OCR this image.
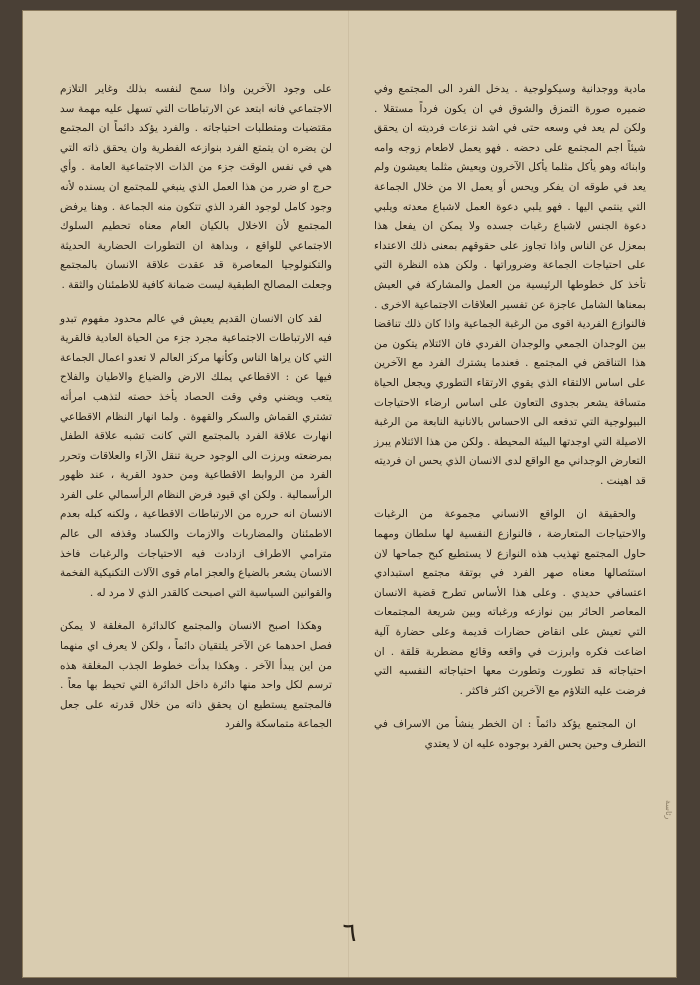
مادية ووجدانية وسيكولوجية . يدخل الفرد الى المجتمع وفي ضميره صورة التمزق والشوق في ان يكون فرداً مستقلا . ولكن لم يعد في وسعه حتى في اشد نزعات فرديته ان يحقق شيئاً اجم المجتمع على دحضه . فهو يعمل لاطعام زوجه وامه وابنائه وهو يأكل مثلما يأكل الآخرون ويعيش مثلما يعيشون ولم يعد في طوقه ان يفكر ويحس أو يعمل الا من خلال الجماعة التي ينتمي اليها . فهو يلبي دعوة العمل لاشباع معدته ويلبي دعوة الجنس لاشباع رغبات جسده ولا يمكن ان يفعل هذا بمعزل عن الناس واذا تجاوز على حقوقهم بمعنى ذلك الاعتداء على احتياجات الجماعة وضروراتها . ولكن هذه النظرة التي تأخذ كل خطوطها الرئيسية من العمل والمشاركة في العيش بمعناها الشامل عاجزة عن تفسير العلاقات الاجتماعية الاخرى . فالنوازع الفردية اقوى من الرغبة الجماعية واذا كان ذلك تناقضا بين الوجدان الجمعي والوجدان الفردي فان الائتلام يتكون من هذا التناقض في المجتمع . فعندما يشترك الفرد مع الآخرين على اساس الالتقاء الذي يقوي الارتقاء التطوري ويجعل الحياة متساقة يشعر بجدوى التعاون على اساس ارضاء الاحتياجات البيولوجية التي تدفعه الى الاحساس بالانانية النابعة من الرغبة الاصيلة التي اوجدتها البيئة المحيطة . ولكن من هذا الائتلام يبرز التعارض الوجداني مع الواقع لدى الانسان الذي يحس ان فرديته قد اهينت .

والحقيقة ان الواقع الانساني مجموعة من الرغبات والاحتياجات المتعارضة ، فالنوازع النفسية لها سلطان ومهما حاول المجتمع تهذيب هذه النوازع لا يستطيع كبح جماحها لان استئصالها معناه صهر الفرد في بوتقة مجتمع استبدادي اعتسافي حديدي . وعلى هذا الأساس تطرح قضية الانسان المعاصر الحائر بين نوازعه ورغباته وبين شريعة المجتمعات التي تعيش على انقاض حضارات قديمة وعلى حضارة آلية اضاعت فكره وابرزت في واقعه وقائع مضطربة قلقة . ان احتياجاته قد تطورت وتطورت معها احتياجاته النفسيه التي فرضت عليه التلاؤم مع الآخرين اكثر فاكثر .

ان المجتمع يؤكد دائماً : ان الخطر ينشأ من الاسراف في التطرف وحين يحس الفرد بوجوده عليه ان لا يعتدي

على وجود الآخرين واذا سمح لنفسه بذلك وغاير التلازم الاجتماعي فانه ابتعد عن الارتباطات التي تسهل عليه مهمة سد مقتضيات ومتطلبات احتياجاته . والفرد يؤكد دائماً ان المجتمع لن يضره ان يتمتع الفرد بنوازعه الفطرية وان يحقق ذاته التي هي في نفس الوقت جزء من الذات الاجتماعية العامة . وأي حرج او ضرر من هذا العمل الذي ينبغي للمجتمع ان يسنده لأنه وجود كامل لوجود الفرد الذي تتكون منه الجماعة . وهنا يرفض المجتمع لأن الاخلال بالكيان العام معناه تحطيم السلوك الاجتماعي للواقع ، وبداهة ان التطورات الحضارية الحديثة والتكنولوجيا المعاصرة قد عقدت علاقة الانسان بالمجتمع وجعلت المصالح الطبقية ليست ضمانة كافية للاطمئنان والثقة .

لقد كان الانسان القديم يعيش في عالم محدود مفهوم تبدو فيه الارتباطات الاجتماعية مجرد جزء من الحياة العادية فالقرية التي كان يراها الناس وكأنها مركز العالم لا تعدو اعمال الجماعة فيها عن : الاقطاعي يملك الارض والضياع والاطيان والفلاح يتعب ويضني وفي وقت الحصاد يأخذ حصته لتذهب امرأته تشتري القماش والسكر والقهوة . ولما انهار النظام الاقطاعي انهارت علاقة الفرد بالمجتمع التي كانت تشبه علاقة الطفل بمرضعته وبرزت الى الوجود حرية تنقل الآراء والعلاقات وتحرر الفرد من الروابط الاقطاعية ومن حدود القرية ، عند ظهور الرأسمالية . ولكن اي قيود فرض النظام الرأسمالي على الفرد الانسان انه حرره من الارتباطات الاقطاعية ، ولكنه كبله بعدم الاطمئنان والمضاربات والازمات والكساد وقذفه الى عالم مترامي الاطراف ازدادت فيه الاحتياجات والرغبات فاخذ الانسان يشعر بالضياع والعجز امام قوى الآلات التكنيكية الفخمة والقوانين السياسية التي اصبحت كالقدر الذي لا مرد له .

وهكذا اصبح الانسان والمجتمع كالدائرة المغلقة لا يمكن فصل احدهما عن الآخر يلتقيان دائماً ، ولكن لا يعرف اي منهما من اين يبدأ الآخر . وهكذا بدأت خطوط الجذب المغلقة هذه ترسم لكل واحد منها دائرة داخل الدائرة التي تحيط بها معاً . فالمجتمع يستطيع ان يحقق ذاته من خلال قدرته على جعل الجماعة متماسكة والفرد

٦
رئاسة
